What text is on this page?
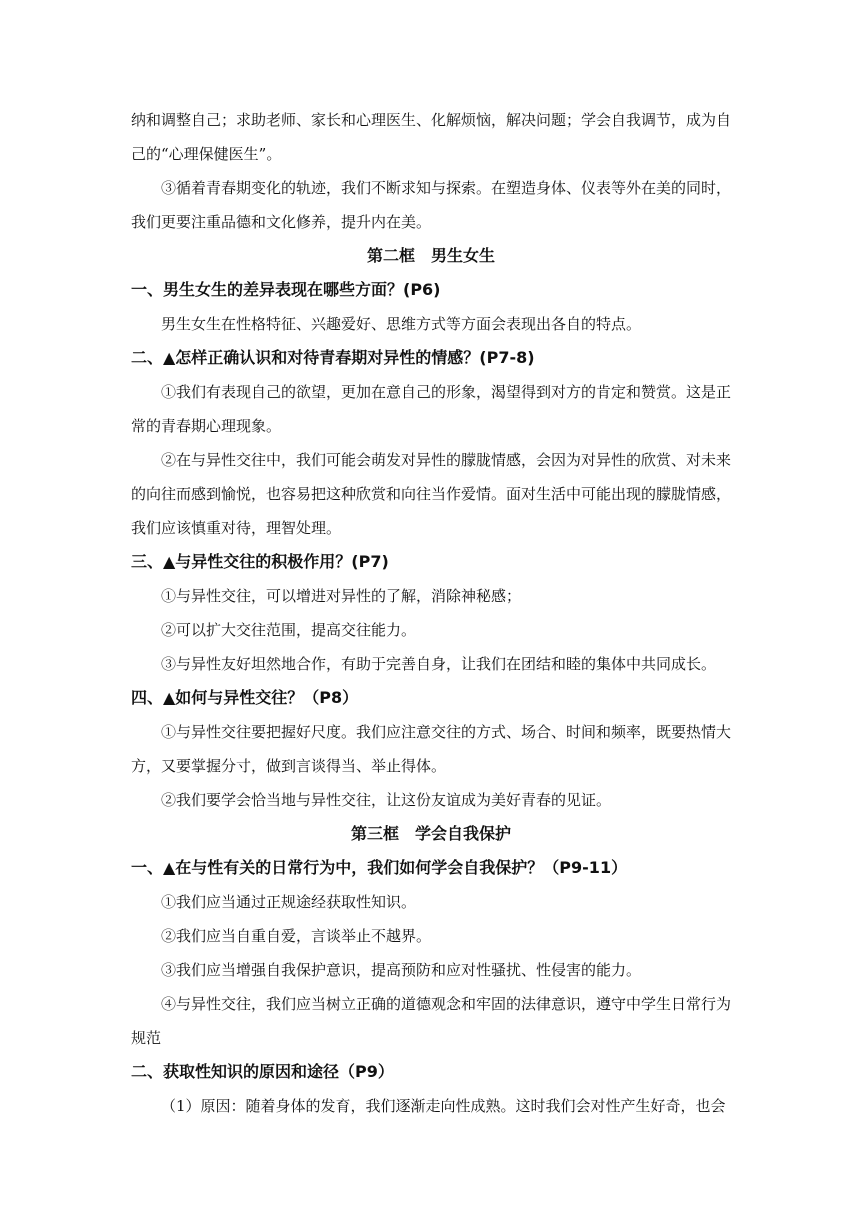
纳和调整自己；求助老师、家长和心理医生、化解烦恼，解决问题；学会自我调节，成为自己的“心理保健医生”。

③循着青春期变化的轨迹，我们不断求知与探索。在塑造身体、仪表等外在美的同时，我们更要注重品德和文化修养，提升内在美。

第二框　男生女生

一、男生女生的差异表现在哪些方面？(P6)

男生女生在性格特征、兴趣爱好、思维方式等方面会表现出各自的特点。

二、▲怎样正确认识和对待青春期对异性的情感？(P7-8)

①我们有表现自己的欲望，更加在意自己的形象，渴望得到对方的肯定和赞赏。这是正常的青春期心理现象。

②在与异性交往中，我们可能会萌发对异性的朦胧情感，会因为对异性的欣赏、对未来的向往而感到愉悦，也容易把这种欣赏和向往当作爱情。面对生活中可能出现的朦胧情感，我们应该慎重对待，理智处理。

三、▲与异性交往的积极作用？(P7)

①与异性交往，可以增进对异性的了解，消除神秘感；

②可以扩大交往范围，提高交往能力。

③与异性友好坦然地合作，有助于完善自身，让我们在团结和睦的集体中共同成长。

四、▲如何与异性交往？（P8）

①与异性交往要把握好尺度。我们应注意交往的方式、场合、时间和频率，既要热情大方，又要掌握分寸，做到言谈得当、举止得体。

②我们要学会恰当地与异性交往，让这份友谊成为美好青春的见证。

第三框　学会自我保护

一、▲在与性有关的日常行为中，我们如何学会自我保护？（P9-11）

①我们应当通过正规途经获取性知识。

②我们应当自重自爱，言谈举止不越界。

③我们应当增强自我保护意识，提高预防和应对性骚扰、性侵害的能力。

④与异性交往，我们应当树立正确的道德观念和牢固的法律意识，遵守中学生日常行为规范

二、获取性知识的原因和途径（P9）

（1）原因：随着身体的发育，我们逐渐走向性成熟。这时我们会对性产生好奇，也会
